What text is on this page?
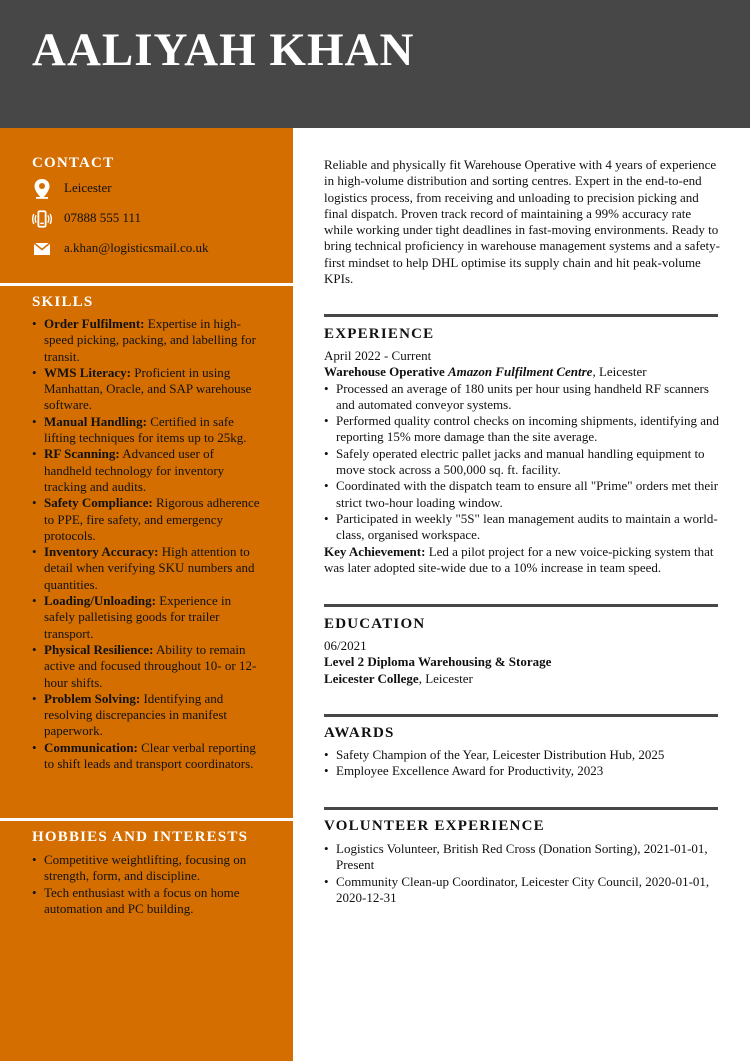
AALIYAH KHAN
CONTACT
Leicester
07888 555 111
a.khan@logisticsmail.co.uk
SKILLS
• Order Fulfilment: Expertise in high-speed picking, packing, and labelling for transit.
• WMS Literacy: Proficient in using Manhattan, Oracle, and SAP warehouse software.
• Manual Handling: Certified in safe lifting techniques for items up to 25kg.
• RF Scanning: Advanced user of handheld technology for inventory tracking and audits.
• Safety Compliance: Rigorous adherence to PPE, fire safety, and emergency protocols.
• Inventory Accuracy: High attention to detail when verifying SKU numbers and quantities.
• Loading/Unloading: Experience in safely palletising goods for trailer transport.
• Physical Resilience: Ability to remain active and focused throughout 10- or 12-hour shifts.
• Problem Solving: Identifying and resolving discrepancies in manifest paperwork.
• Communication: Clear verbal reporting to shift leads and transport coordinators.
HOBBIES AND INTERESTS
• Competitive weightlifting, focusing on strength, form, and discipline.
• Tech enthusiast with a focus on home automation and PC building.
Reliable and physically fit Warehouse Operative with 4 years of experience in high-volume distribution and sorting centres. Expert in the end-to-end logistics process, from receiving and unloading to precision picking and final dispatch. Proven track record of maintaining a 99% accuracy rate while working under tight deadlines in fast-moving environments. Ready to bring technical proficiency in warehouse management systems and a safety-first mindset to help DHL optimise its supply chain and hit peak-volume KPIs.
EXPERIENCE
April 2022 - Current
Warehouse Operative Amazon Fulfilment Centre, Leicester
• Processed an average of 180 units per hour using handheld RF scanners and automated conveyor systems.
• Performed quality control checks on incoming shipments, identifying and reporting 15% more damage than the site average.
• Safely operated electric pallet jacks and manual handling equipment to move stock across a 500,000 sq. ft. facility.
• Coordinated with the dispatch team to ensure all "Prime" orders met their strict two-hour loading window.
• Participated in weekly "5S" lean management audits to maintain a world-class, organised workspace.
Key Achievement: Led a pilot project for a new voice-picking system that was later adopted site-wide due to a 10% increase in team speed.
EDUCATION
06/2021
Level 2 Diploma Warehousing & Storage
Leicester College, Leicester
AWARDS
• Safety Champion of the Year, Leicester Distribution Hub, 2025
• Employee Excellence Award for Productivity, 2023
VOLUNTEER EXPERIENCE
• Logistics Volunteer, British Red Cross (Donation Sorting), 2021-01-01, Present
• Community Clean-up Coordinator, Leicester City Council, 2020-01-01, 2020-12-31
